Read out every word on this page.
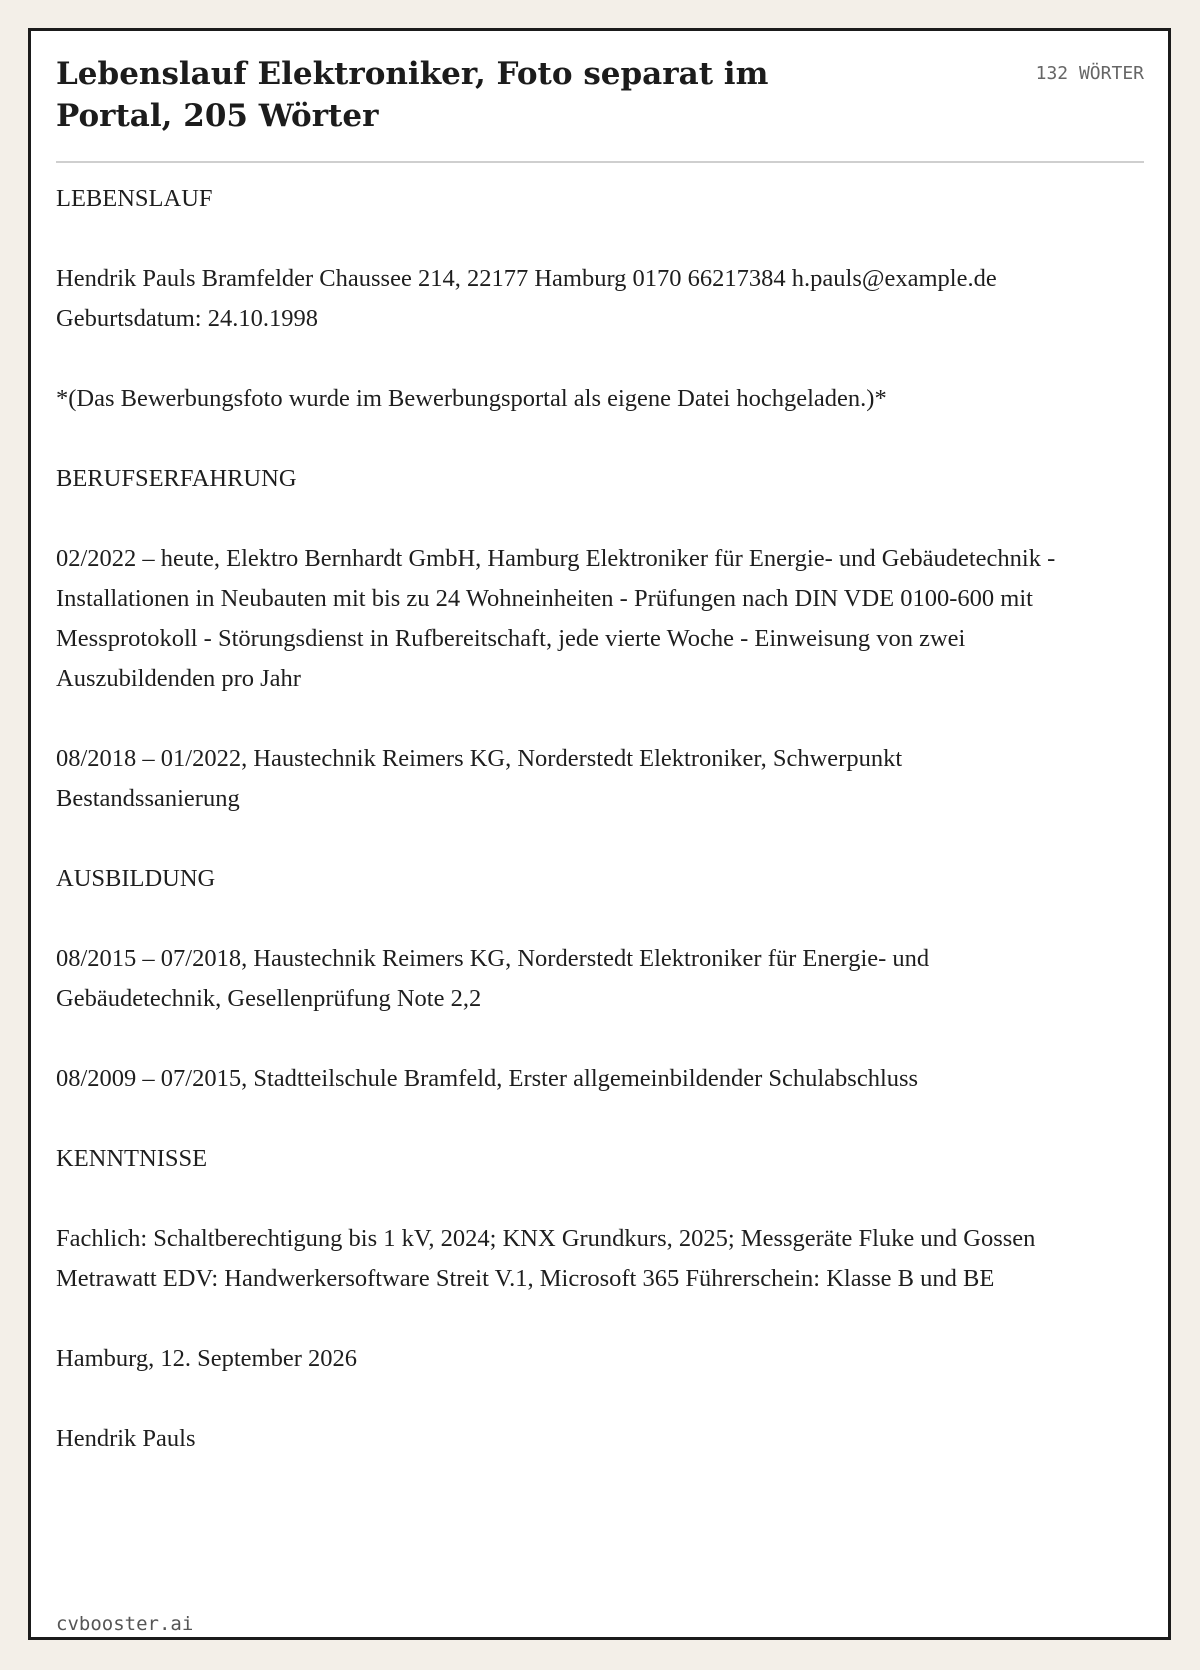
Lebenslauf Elektroniker, Foto separat im Portal, 205 Wörter
132 WÖRTER

LEBENSLAUF

Hendrik Pauls Bramfelder Chaussee 214, 22177 Hamburg 0170 66217384 h.pauls@example.de Geburtsdatum: 24.10.1998

*(Das Bewerbungsfoto wurde im Bewerbungsportal als eigene Datei hochgeladen.)*

BERUFSERFAHRUNG

02/2022 – heute, Elektro Bernhardt GmbH, Hamburg Elektroniker für Energie- und Gebäudetechnik - Installationen in Neubauten mit bis zu 24 Wohneinheiten - Prüfungen nach DIN VDE 0100-600 mit Messprotokoll - Störungsdienst in Rufbereitschaft, jede vierte Woche - Einweisung von zwei Auszubildenden pro Jahr

08/2018 – 01/2022, Haustechnik Reimers KG, Norderstedt Elektroniker, Schwerpunkt Bestandssanierung

AUSBILDUNG

08/2015 – 07/2018, Haustechnik Reimers KG, Norderstedt Elektroniker für Energie- und Gebäudetechnik, Gesellenprüfung Note 2,2

08/2009 – 07/2015, Stadtteilschule Bramfeld, Erster allgemeinbildender Schulabschluss

KENNTNISSE

Fachlich: Schaltberechtigung bis 1 kV, 2024; KNX Grundkurs, 2025; Messgeräte Fluke und Gossen Metrawatt EDV: Handwerkersoftware Streit V.1, Microsoft 365 Führerschein: Klasse B und BE

Hamburg, 12. September 2026

Hendrik Pauls

cvbooster.ai
